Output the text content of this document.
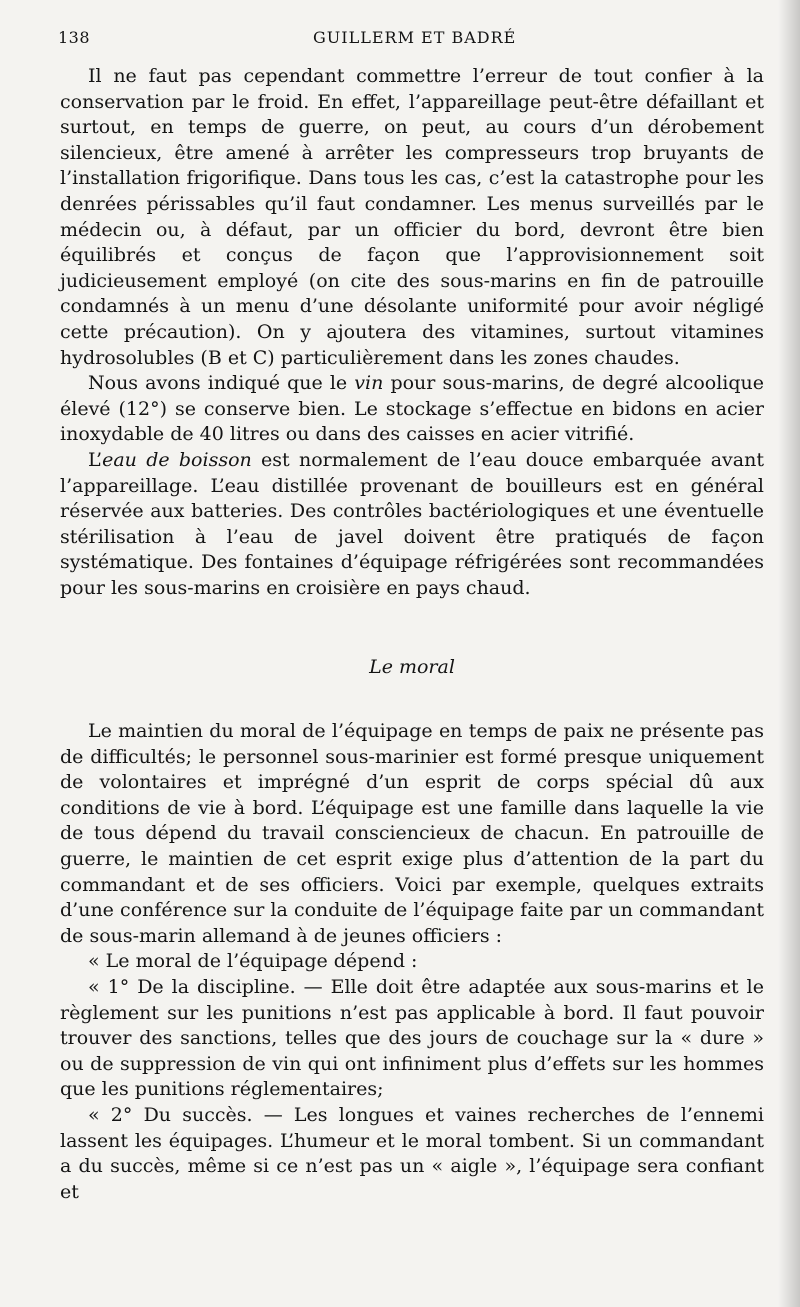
138	GUILLERM ET BADRÉ

Il ne faut pas cependant commettre l’erreur de tout confier à la conservation par le froid. En effet, l’appareillage peut-être défaillant et surtout, en temps de guerre, on peut, au cours d’un dérobement silencieux, être amené à arrêter les compresseurs trop bruyants de l’installation frigorifique. Dans tous les cas, c’est la catastrophe pour les denrées périssables qu’il faut condamner. Les menus surveillés par le médecin ou, à défaut, par un officier du bord, devront être bien équilibrés et conçus de façon que l’approvisionnement soit judicieusement employé (on cite des sous-marins en fin de patrouille condamnés à un menu d’une désolante uniformité pour avoir négligé cette précaution). On y ajoutera des vitamines, surtout vitamines hydrosolubles (B et C) particulièrement dans les zones chaudes.

Nous avons indiqué que le vin pour sous-marins, de degré alcoolique élevé (12°) se conserve bien. Le stockage s’effectue en bidons en acier inoxydable de 40 litres ou dans des caisses en acier vitrifié.

L’eau de boisson est normalement de l’eau douce embarquée avant l’appareillage. L’eau distillée provenant de bouilleurs est en général réservée aux batteries. Des contrôles bactériologiques et une éventuelle stérilisation à l’eau de javel doivent être pratiqués de façon systématique. Des fontaines d’équipage réfrigérées sont recommandées pour les sous-marins en croisière en pays chaud.

Le moral

Le maintien du moral de l’équipage en temps de paix ne présente pas de difficultés; le personnel sous-marinier est formé presque uniquement de volontaires et imprégné d’un esprit de corps spécial dû aux conditions de vie à bord. L’équipage est une famille dans laquelle la vie de tous dépend du travail consciencieux de chacun. En patrouille de guerre, le maintien de cet esprit exige plus d’attention de la part du commandant et de ses officiers. Voici par exemple, quelques extraits d’une conférence sur la conduite de l’équipage faite par un commandant de sous-marin allemand à de jeunes officiers :

« Le moral de l’équipage dépend :

« 1° De la discipline. — Elle doit être adaptée aux sous-marins et le règlement sur les punitions n’est pas applicable à bord. Il faut pouvoir trouver des sanctions, telles que des jours de couchage sur la « dure » ou de suppression de vin qui ont infiniment plus d’effets sur les hommes que les punitions réglementaires;

« 2° Du succès. — Les longues et vaines recherches de l’ennemi lassent les équipages. L’humeur et le moral tombent. Si un commandant a du succès, même si ce n’est pas un « aigle », l’équipage sera confiant et
